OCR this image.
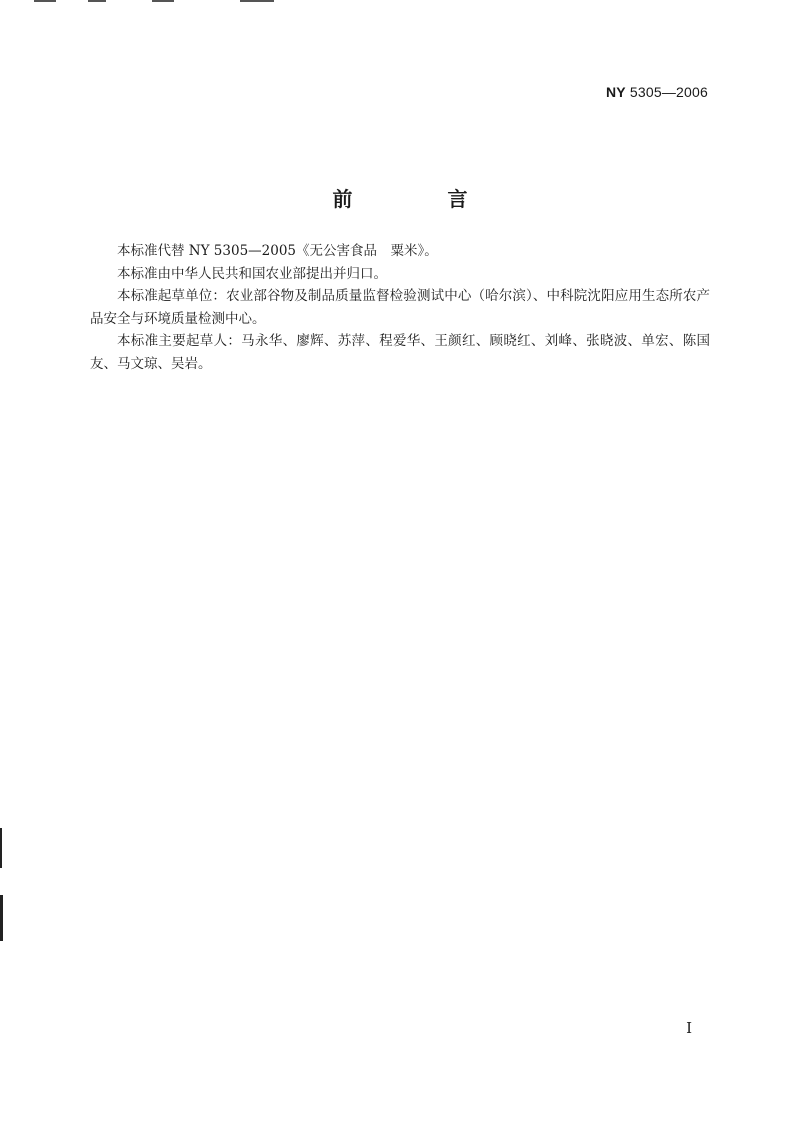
NY 5305—2006
前 言

本标准代替 NY 5305—2005《无公害食品　粟米》。

本标准由中华人民共和国农业部提出并归口。

本标准起草单位：农业部谷物及制品质量监督检验测试中心（哈尔滨）、中科院沈阳应用生态所农产品安全与环境质量检测中心。

本标准主要起草人：马永华、廖辉、苏萍、程爱华、王颜红、顾晓红、刘峰、张晓波、单宏、陈国友、马文琼、吴岩。

I
